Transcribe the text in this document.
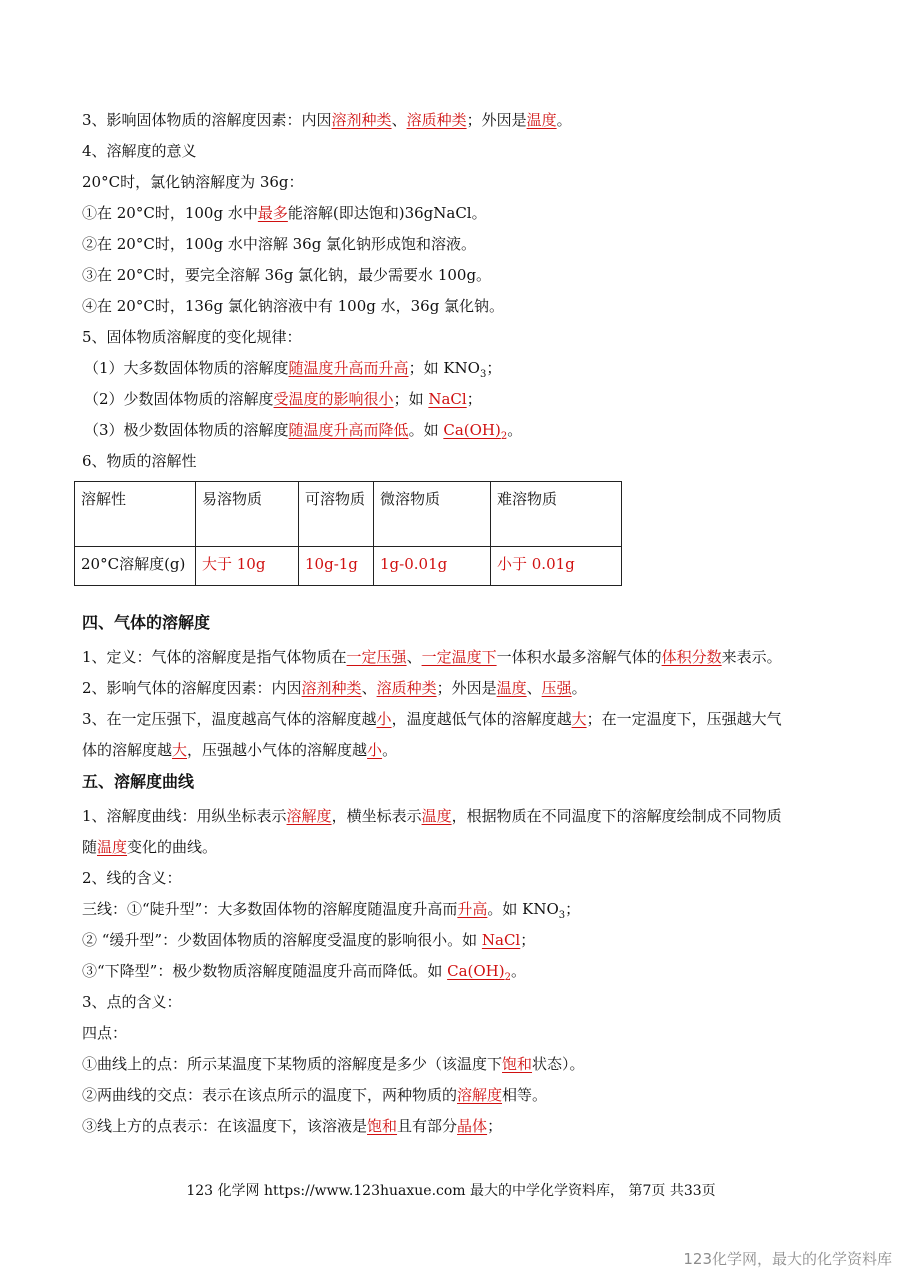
3、影响固体物质的溶解度因素：内因溶剂种类、溶质种类；外因是温度。
4、溶解度的意义
20°C时，氯化钠溶解度为 36g：
①在 20°C时，100g 水中最多能溶解(即达饱和)36gNaCl。
②在 20°C时，100g 水中溶解 36g 氯化钠形成饱和溶液。
③在 20°C时，要完全溶解 36g 氯化钠，最少需要水 100g。
④在 20°C时，136g 氯化钠溶液中有 100g 水，36g 氯化钠。
5、固体物质溶解度的变化规律：
（1）大多数固体物质的溶解度随温度升高而升高；如 $KNO_3$；
（2）少数固体物质的溶解度受温度的影响很小；如 NaCl；
（3）极少数固体物质的溶解度随温度升高而降低。如 $Ca(OH)_2$。
6、物质的溶解性
溶解性	易溶物质	可溶物质	微溶物质	难溶物质
20°C溶解度(g)	大于 10g	10g-1g	1g-0.01g	小于 0.01g
四、气体的溶解度
1、定义：气体的溶解度是指气体物质在一定压强、一定温度下一体积水最多溶解气体的体积分数来表示。
2、影响气体的溶解度因素：内因溶剂种类、溶质种类；外因是温度、压强。
3、在一定压强下，温度越高气体的溶解度越小，温度越低气体的溶解度越大；在一定温度下，压强越大气
体的溶解度越大，压强越小气体的溶解度越小。
五、溶解度曲线
1、溶解度曲线：用纵坐标表示溶解度，横坐标表示温度，根据物质在不同温度下的溶解度绘制成不同物质
随温度变化的曲线。
2、线的含义：
三线：①“陡升型”：大多数固体物的溶解度随温度升高而升高。如 $KNO_3$；
② “缓升型”：少数固体物质的溶解度受温度的影响很小。如 NaCl；
③“下降型”：极少数物质溶解度随温度升高而降低。如 $Ca(OH)_2$。
3、点的含义：
四点：
①曲线上的点：所示某温度下某物质的溶解度是多少（该温度下饱和状态）。
②两曲线的交点：表示在该点所示的温度下，两种物质的溶解度相等。
③线上方的点表示：在该温度下，该溶液是饱和且有部分晶体；
123 化学网 https://www.123huaxue.com 最大的中学化学资料库， 第7页 共33页
123化学网，最大的化学资料库
